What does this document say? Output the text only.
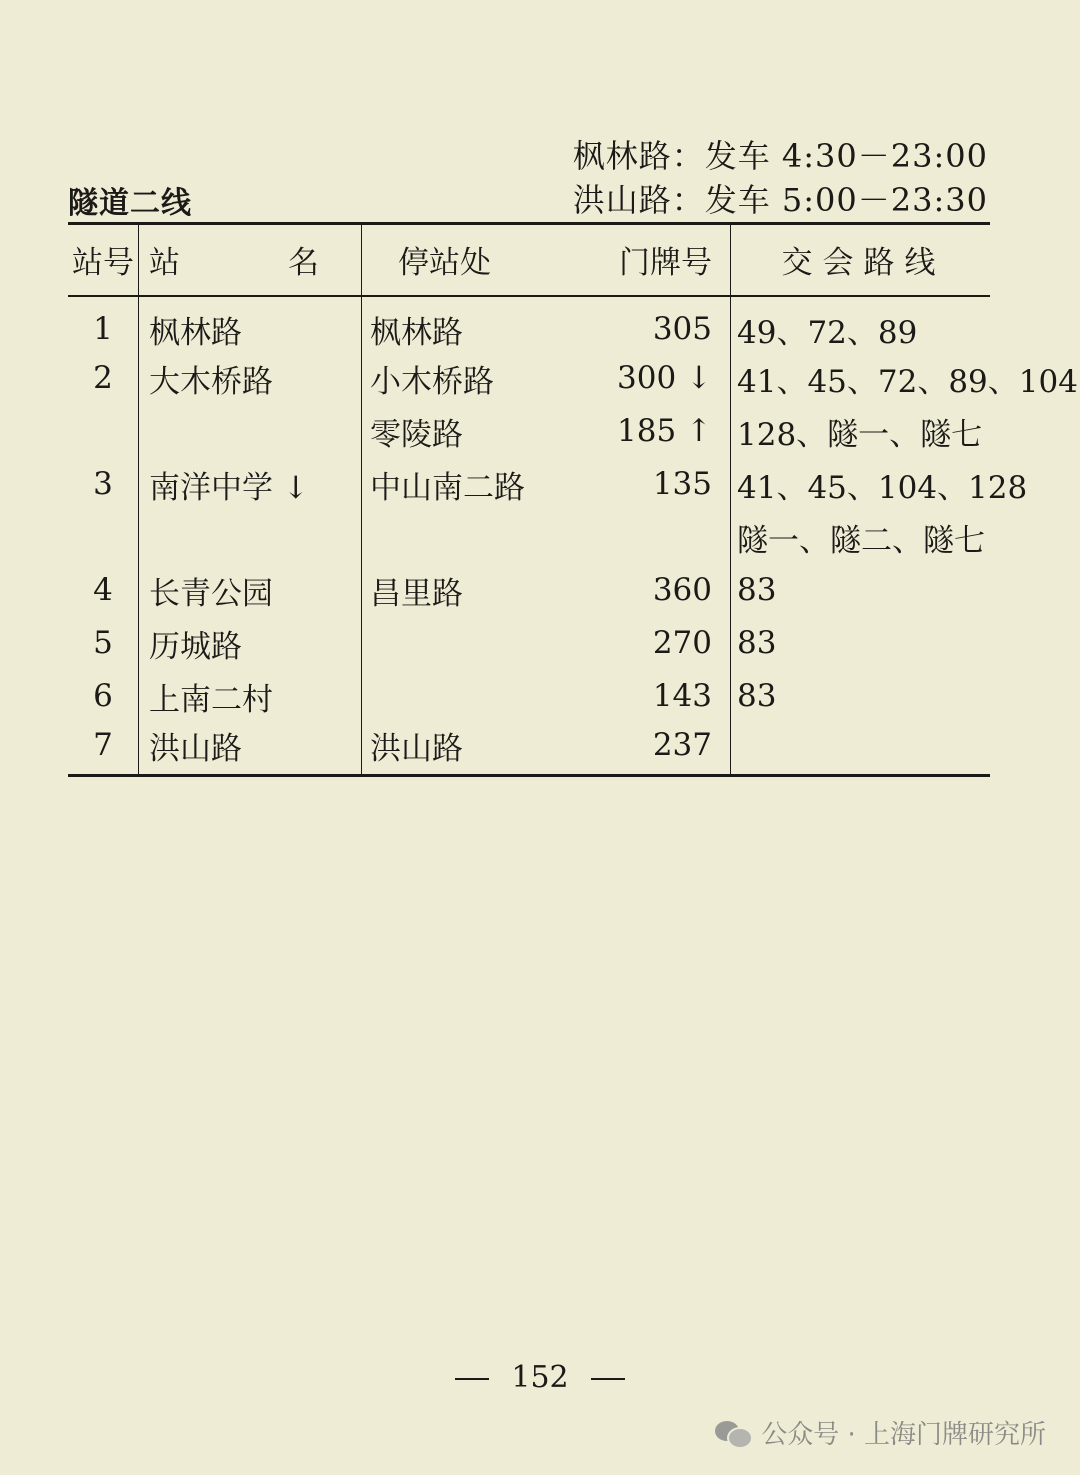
枫林路：发车 4:30－23:00
洪山路：发车 5:00－23:30
隧道二线
站号	站 名	停站处	门牌号	交会路线
1	枫林路	枫林路	305	49、72、89
2	大木桥路	小木桥路	300 ↓	41、45、72、89、104
		零陵路	185 ↑	128、隧一、隧七
3	南洋中学 ↓	中山南二路	135	41、45、104、128
				隧一、隧二、隧七
4	长青公园	昌里路	360	83
5	历城路		270	83
6	上南二村		143	83
7	洪山路	洪山路	237	
152
公众号 · 上海门牌研究所
